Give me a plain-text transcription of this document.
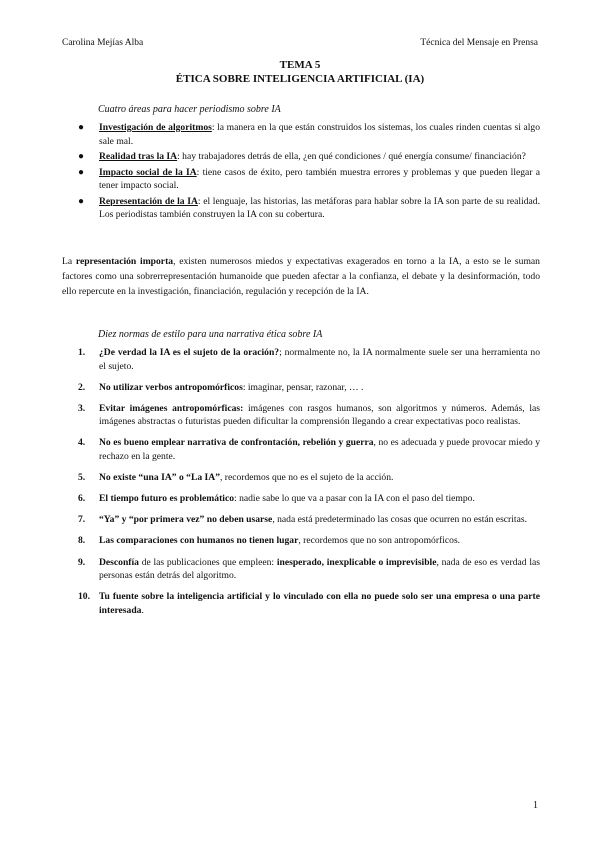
Carolina Mejías Alba	Técnica del Mensaje en Prensa
TEMA 5
ÉTICA SOBRE INTELIGENCIA ARTIFICIAL (IA)
Cuatro áreas para hacer periodismo sobre IA
● Investigación de algoritmos: la manera en la que están construidos los sistemas, los cuales rinden cuentas si algo sale mal.
● Realidad tras la IA: hay trabajadores detrás de ella, ¿en qué condiciones / qué energía consume/ financiación?
● Impacto social de la IA: tiene casos de éxito, pero también muestra errores y problemas y que pueden llegar a tener impacto social.
● Representación de la IA: el lenguaje, las historias, las metáforas para hablar sobre la IA son parte de su realidad. Los periodistas también construyen la IA con su cobertura.
La representación importa, existen numerosos miedos y expectativas exagerados en torno a la IA, a esto se le suman factores como una sobrerrepresentación humanoide que pueden afectar a la confianza, el debate y la desinformación, todo ello repercute en la investigación, financiación, regulación y recepción de la IA.
Diez normas de estilo para una narrativa ética sobre IA
1. ¿De verdad la IA es el sujeto de la oración?; normalmente no, la IA normalmente suele ser una herramienta no el sujeto.
2. No utilizar verbos antropomórficos: imaginar, pensar, razonar, … .
3. Evitar imágenes antropomórficas: imágenes con rasgos humanos, son algoritmos y números. Además, las imágenes abstractas o futuristas pueden dificultar la comprensión llegando a crear expectativas poco realistas.
4. No es bueno emplear narrativa de confrontación, rebelión y guerra, no es adecuada y puede provocar miedo y rechazo en la gente.
5. No existe “una IA” o “La IA”, recordemos que no es el sujeto de la acción.
6. El tiempo futuro es problemático: nadie sabe lo que va a pasar con la IA con el paso del tiempo.
7. “Ya” y “por primera vez” no deben usarse, nada está predeterminado las cosas que ocurren no están escritas.
8. Las comparaciones con humanos no tienen lugar, recordemos que no son antropomórficos.
9. Desconfía de las publicaciones que empleen: inesperado, inexplicable o imprevisible, nada de eso es verdad las personas están detrás del algoritmo.
10. Tu fuente sobre la inteligencia artificial y lo vinculado con ella no puede solo ser una empresa o una parte interesada.
1
